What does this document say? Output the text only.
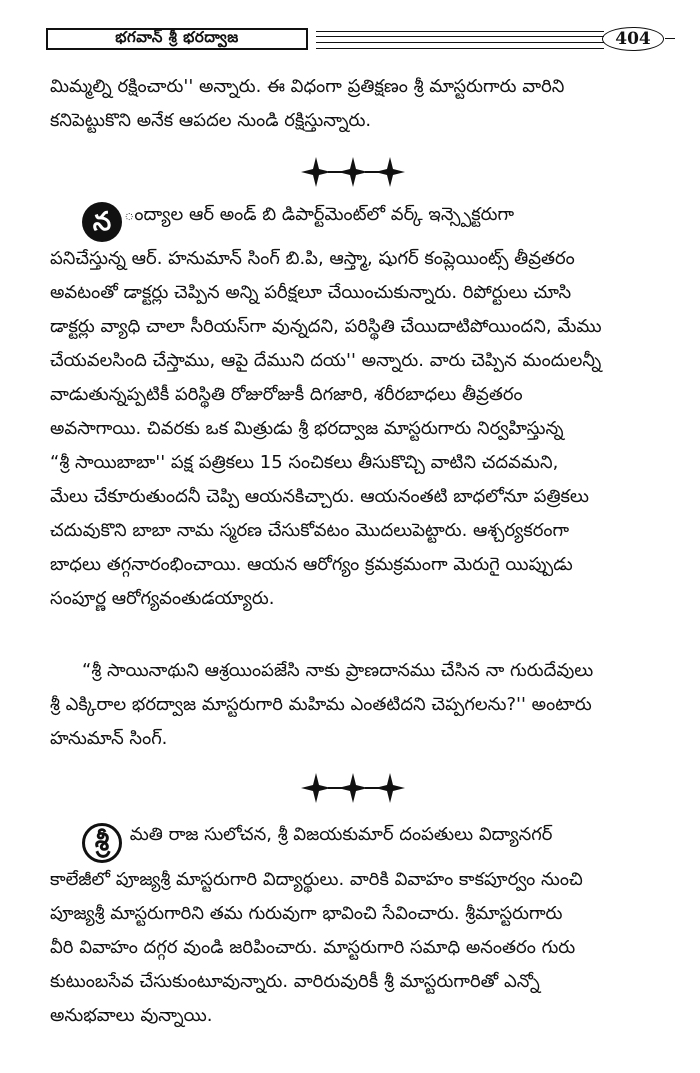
భగవాన్ శ్రీ భరద్వాజ	404
మిమ్మల్ని రక్షించారు'' అన్నారు. ఈ విధంగా ప్రతిక్షణం శ్రీ మాస్టరుగారు వారిని
కనిపెట్టుకొని అనేక ఆపదల నుండి రక్షిస్తున్నారు.
న ంద్యాల ఆర్ అండ్ బి డిపార్ట్‌మెంట్‌లో వర్క్ ఇన్స్పెక్టరుగా
పనిచేస్తున్న ఆర్. హనుమాన్ సింగ్ బి.పి, ఆస్త్మా, షుగర్ కంప్లెయింట్స్ తీవ్రతరం
అవటంతో డాక్టర్లు చెప్పిన అన్ని పరీక్షలూ చేయించుకున్నారు. రిపోర్టులు చూసి
డాక్టర్లు వ్యాధి చాలా సీరియస్‌గా వున్నదని, పరిస్థితి చేయిదాటిపోయిందని, మేము
చేయవలసింది చేస్తాము, ఆపై దేముని దయ'' అన్నారు. వారు చెప్పిన మందులన్నీ
వాడుతున్నప్పటికీ పరిస్థితి రోజురోజుకీ దిగజారి, శరీరబాధలు తీవ్రతరం
అవసాగాయి. చివరకు ఒక మిత్రుడు శ్రీ భరద్వాజ మాస్టరుగారు నిర్వహిస్తున్న
“శ్రీ సాయిబాబా'' పక్ష పత్రికలు 15 సంచికలు తీసుకొచ్చి వాటిని చదవమని,
మేలు చేకూరుతుందనీ చెప్పి ఆయనకిచ్చారు. ఆయనంతటి బాధలోనూ పత్రికలు
చదువుకొని బాబా నామ స్మరణ చేసుకోవటం మొదలుపెట్టారు. ఆశ్చర్యకరంగా
బాధలు తగ్గనారంభించాయి. ఆయన ఆరోగ్యం క్రమక్రమంగా మెరుగై యిప్పుడు
సంపూర్ణ ఆరోగ్యవంతుడయ్యారు.
“శ్రీ సాయినాథుని ఆశ్రయింపజేసి నాకు ప్రాణదానము చేసిన నా గురుదేవులు
శ్రీ ఎక్కిరాల భరద్వాజ మాస్టరుగారి మహిమ ఎంతటిదని చెప్పగలను?'' అంటారు
హనుమాన్ సింగ్.
శ్రీ మతి రాజ సులోచన, శ్రీ విజయకుమార్ దంపతులు విద్యానగర్
కాలేజీలో పూజ్యశ్రీ మాస్టరుగారి విద్యార్థులు. వారికి వివాహం కాకపూర్వం నుంచి
పూజ్యశ్రీ మాస్టరుగారిని తమ గురువుగా భావించి సేవించారు. శ్రీమాస్టరుగారు
వీరి వివాహం దగ్గర వుండి జరిపించారు. మాస్టరుగారి సమాధి అనంతరం గురు
కుటుంబసేవ చేసుకుంటూవున్నారు. వారిరువురికీ శ్రీ మాస్టరుగారితో ఎన్నో
అనుభవాలు వున్నాయి.
